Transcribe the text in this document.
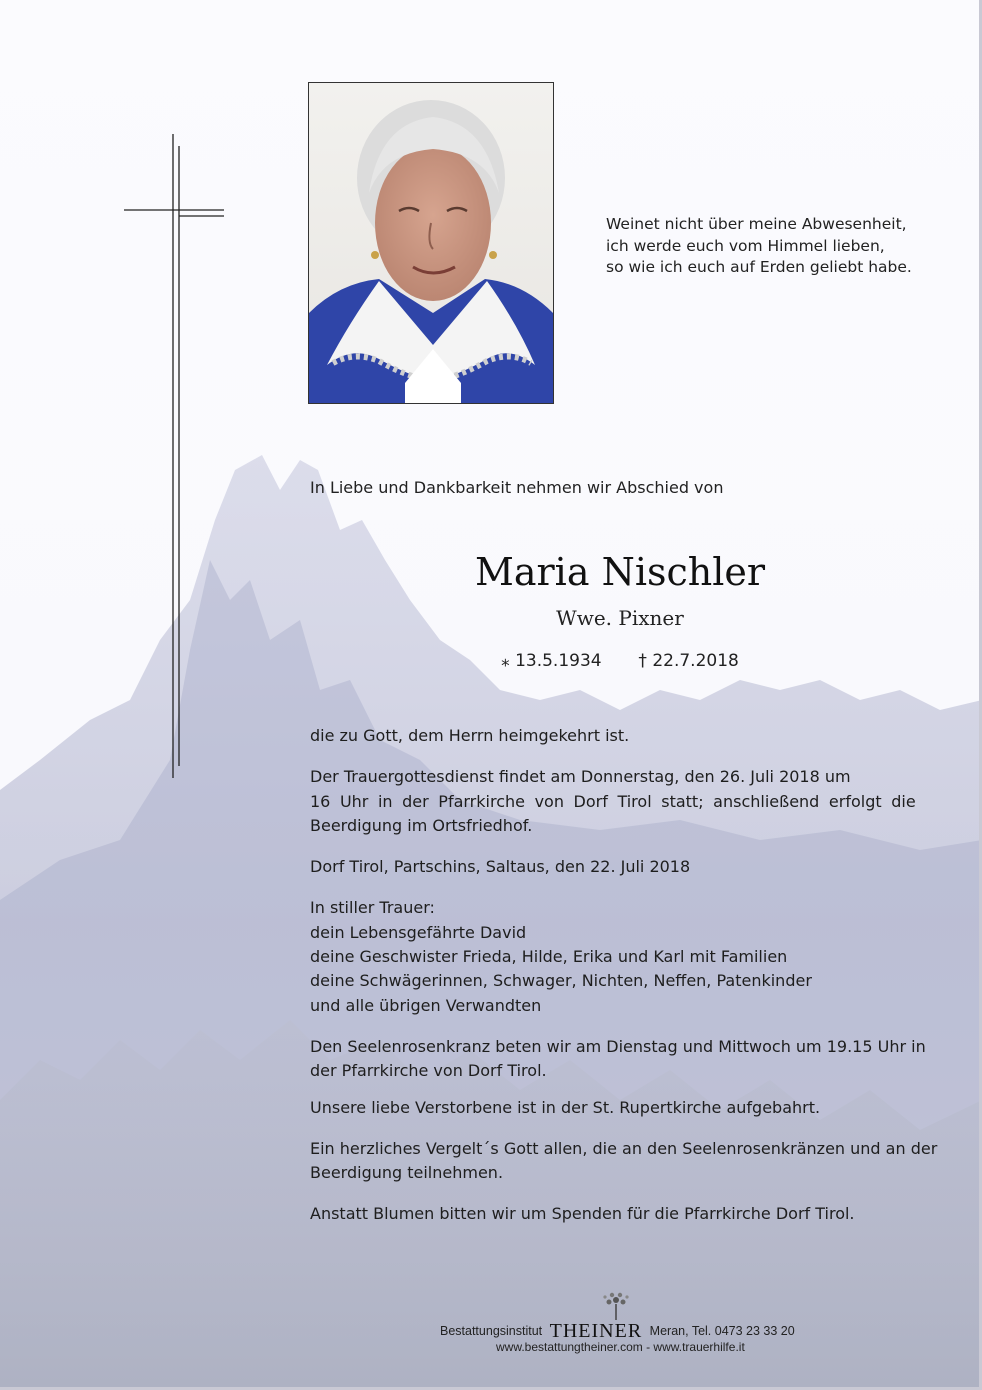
Weinet nicht über meine Abwesenheit,
ich werde euch vom Himmel lieben,
so wie ich euch auf Erden geliebt habe.
In Liebe und Dankbarkeit nehmen wir Abschied von
Maria Nischler
Wwe. Pixner
⁎ 13.5.1934 † 22.7.2018

die zu Gott, dem Herrn heimgekehrt ist.

Der Trauergottesdienst findet am Donnerstag, den 26. Juli 2018 um

16 Uhr in der Pfarrkirche von Dorf Tirol statt; anschließend erfolgt die

Beerdigung im Ortsfriedhof.

Dorf Tirol, Partschins, Saltaus, den 22. Juli 2018

In stiller Trauer:

dein Lebensgefährte David

deine Geschwister Frieda, Hilde, Erika und Karl mit Familien

deine Schwägerinnen, Schwager, Nichten, Neffen, Patenkinder

und alle übrigen Verwandten

Den Seelenrosenkranz beten wir am Dienstag und Mittwoch um 19.15 Uhr in

der Pfarrkirche von Dorf Tirol.

Unsere liebe Verstorbene ist in der St. Rupertkirche aufgebahrt.

Ein herzliches Vergelt´s Gott allen, die an den Seelenrosenkränzen und an der

Beerdigung teilnehmen.

Anstatt Blumen bitten wir um Spenden für die Pfarrkirche Dorf Tirol.

Bestattungsinstitut THEINER Meran, Tel. 0473 23 33 20
www.bestattungtheiner.com - www.trauerhilfe.it
